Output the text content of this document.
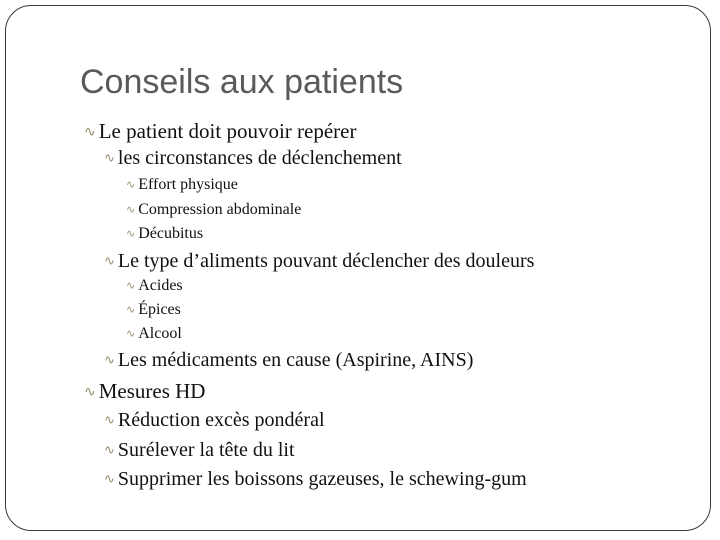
Conseils aux patients
∿ Le patient doit pouvoir repérer
∿ les circonstances de déclenchement
∿ Effort physique
∿ Compression abdominale
∿ Décubitus
∿ Le type d’aliments pouvant déclencher des douleurs
∿ Acides
∿ Épices
∿ Alcool
∿ Les médicaments en cause (Aspirine, AINS)
∿ Mesures HD
∿ Réduction excès pondéral
∿ Surélever la tête du lit
∿ Supprimer les boissons gazeuses, le schewing-gum
